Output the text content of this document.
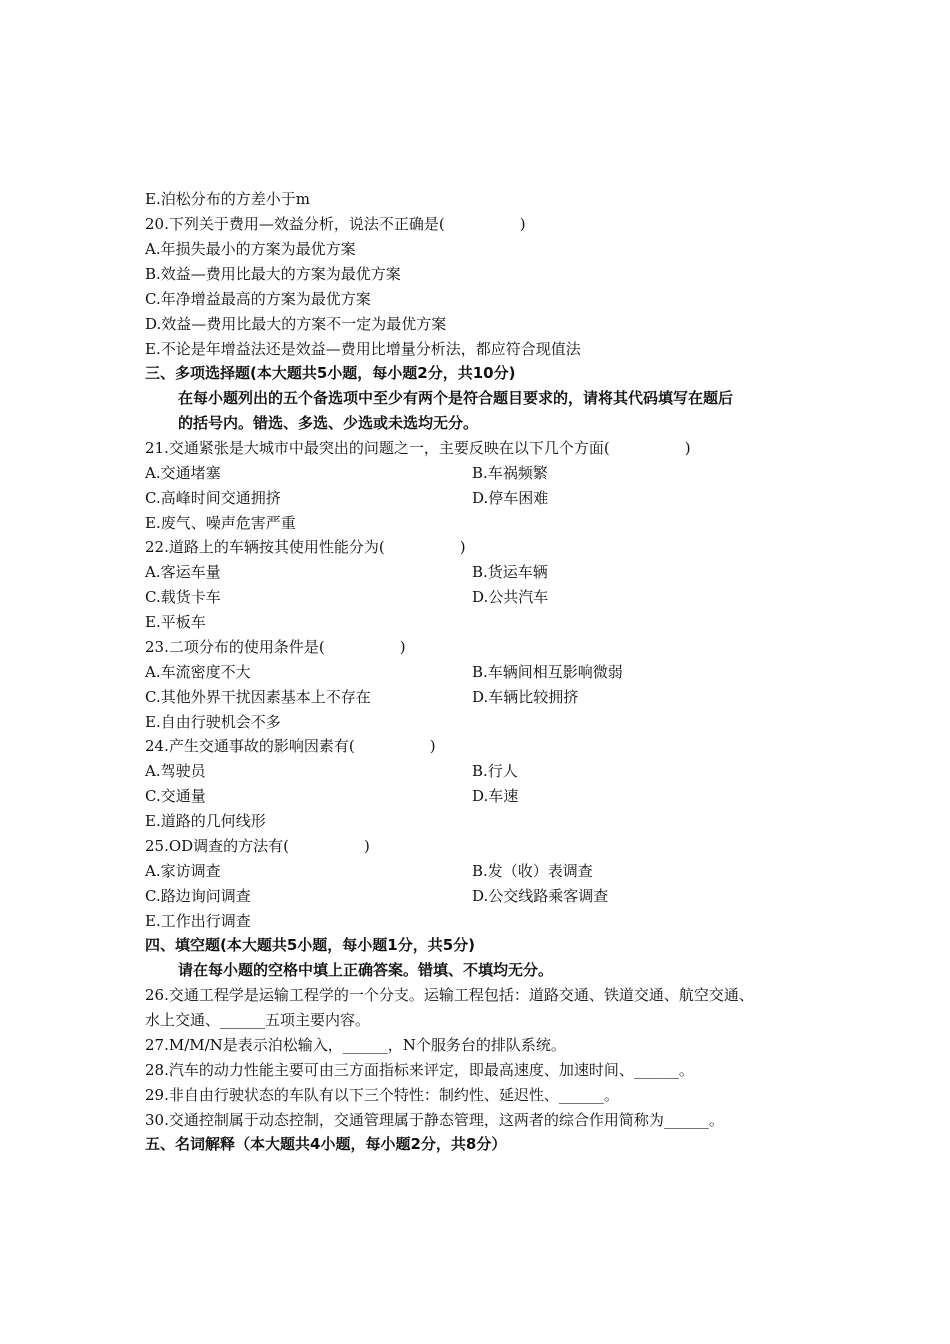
E.泊松分布的方差小于m
20.下列关于费用—效益分析，说法不正确是(　　　　　)
A.年损失最小的方案为最优方案
B.效益—费用比最大的方案为最优方案
C.年净增益最高的方案为最优方案
D.效益—费用比最大的方案不一定为最优方案
E.不论是年增益法还是效益—费用比增量分析法，都应符合现值法
三、多项选择题(本大题共5小题，每小题2分，共10分)
在每小题列出的五个备选项中至少有两个是符合题目要求的，请将其代码填写在题后
的括号内。错选、多选、少选或未选均无分。
21.交通紧张是大城市中最突出的问题之一，主要反映在以下几个方面(　　　　　)
A.交通堵塞	B.车祸频繁
C.高峰时间交通拥挤	D.停车困难
E.废气、噪声危害严重
22.道路上的车辆按其使用性能分为(　　　　　)
A.客运车量	B.货运车辆
C.载货卡车	D.公共汽车
E.平板车
23.二项分布的使用条件是(　　　　　)
A.车流密度不大	B.车辆间相互影响微弱
C.其他外界干扰因素基本上不存在	D.车辆比较拥挤
E.自由行驶机会不多
24.产生交通事故的影响因素有(　　　　　)
A.驾驶员	B.行人
C.交通量	D.车速
E.道路的几何线形
25.OD调查的方法有(　　　　　)
A.家访调查	B.发（收）表调查
C.路边询问调查	D.公交线路乘客调查
E.工作出行调查
四、填空题(本大题共5小题，每小题1分，共5分)
请在每小题的空格中填上正确答案。错填、不填均无分。
26.交通工程学是运输工程学的一个分支。运输工程包括：道路交通、铁道交通、航空交通、
水上交通、______五项主要内容。
27.M/M/N是表示泊松输入，______，N个服务台的排队系统。
28.汽车的动力性能主要可由三方面指标来评定，即最高速度、加速时间、______。
29.非自由行驶状态的车队有以下三个特性：制约性、延迟性、______。
30.交通控制属于动态控制，交通管理属于静态管理，这两者的综合作用简称为______。
五、名词解释（本大题共4小题，每小题2分，共8分）
